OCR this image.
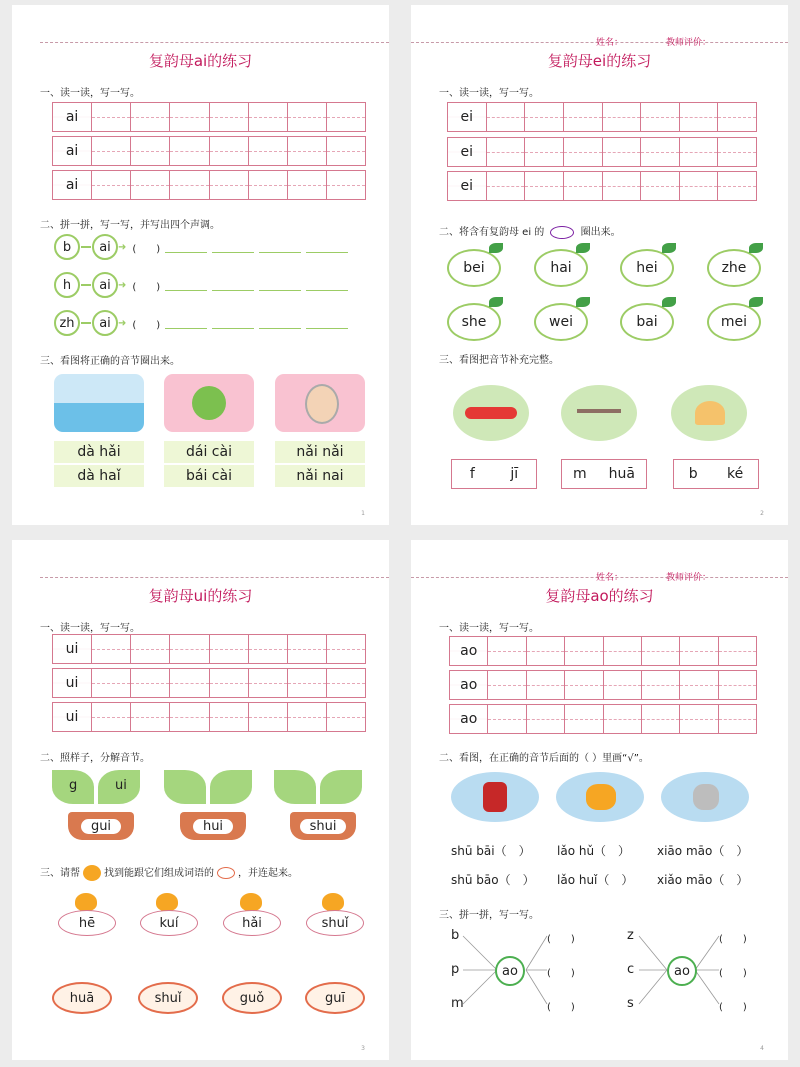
复韵母ai的练习
一、读一读，写一写。
ai
ai
ai
二、拼一拼，写一写，并写出四个声调。
b	ai ➜ (　　)
h	ai ➜ (　　)
zh	ai ➜ (　　)
三、看图将正确的音节圈出来。
dà hǎi
dà haǐ
dái cài
bái cài
nǎi nǎi
nǎi nai
1
姓名：	教师评价：
复韵母ei的练习
一、读一读，写一写。
ei
ei
ei
二、将含有复韵母 ei 的	圈出来。
bei	hai	hei	zhe
she	wei	bai	mei
三、看图把音节补充完整。
f	jī	m huā	b ké
2
复韵母ui的练习
一、读一读，写一写。
ui
ui
ui
二、照样子，分解音节。
g	ui
gui	hui	shui
三、请帮 找到能跟它们组成词语的 ，并连起来。
hē	kuí	hǎi	shuǐ
huā	shuǐ	guǒ	guī
3
姓名：	教师评价：
复韵母ao的练习
一、读一读，写一写。
ao
ao
ao
二、看图，在正确的音节后面的（ ）里画“√”。
shū bāi（　） lǎo hǔ（　） xiāo māo（　）
shū bāo（　） lǎo huǐ（　） xiǎo māo（　）
三、拼一拼，写一写。
b
p
m
ao
(　　)
(　　)
(　　)
z
c
s
ao
(　　)
(　　)
(　　)
4
